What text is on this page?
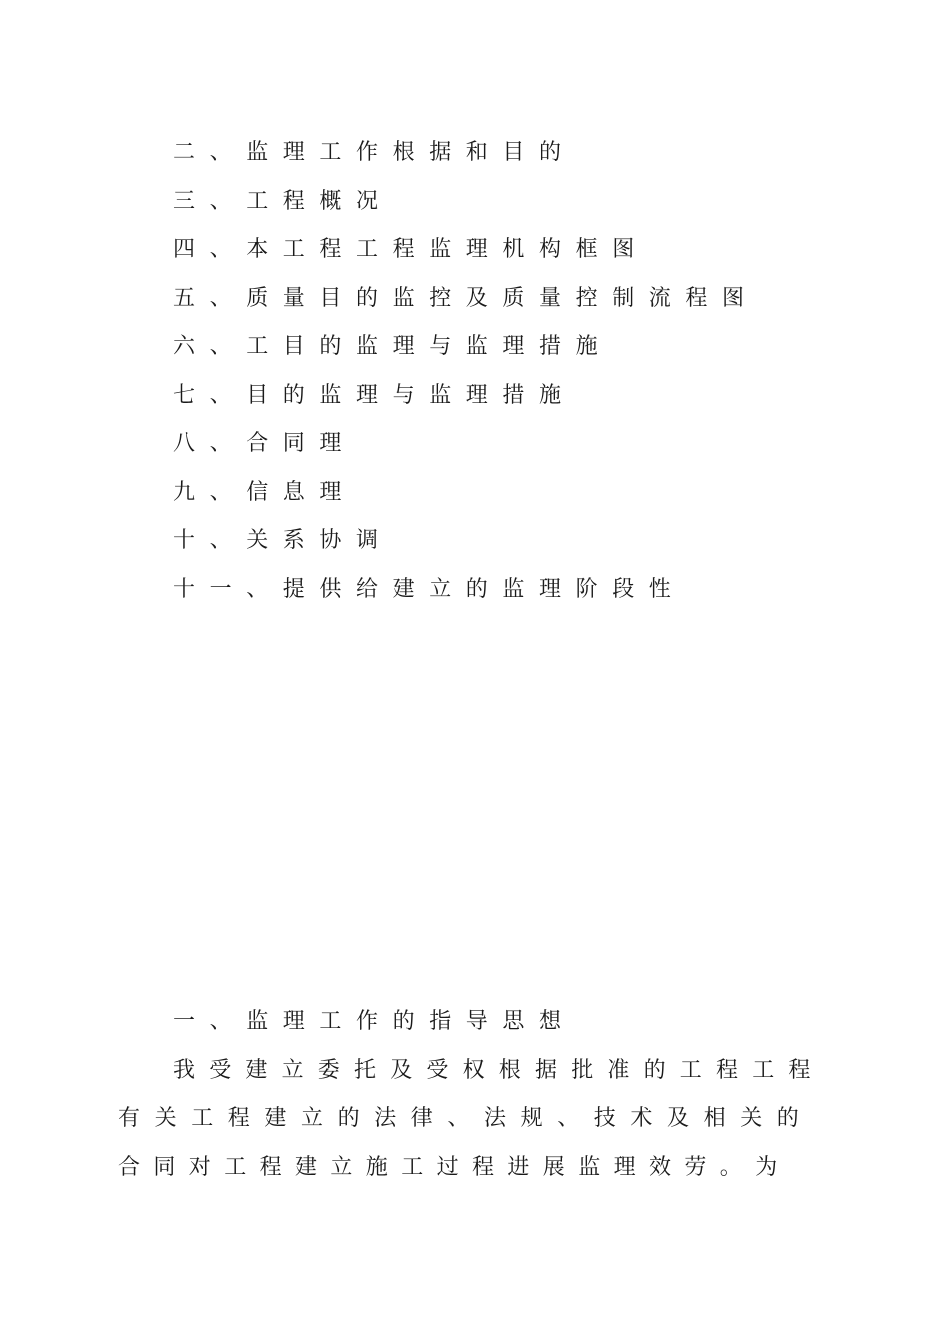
二、监理工作根据和目的
三、工程概况
四、本工程工程监理机构框图
五、质量目的监控及质量控制流程图
六、工目的监理与监理措施
七、目的监理与监理措施
八、合同理
九、信息理
十、关系协调
十一、提供给建立的监理阶段性
一、监理工作的指导思想

我受建立委托及受权根据批准的工程工程

有关工程建立的法律、法规、技术及相关的

合同对工程建立施工过程进展监理效劳。为
